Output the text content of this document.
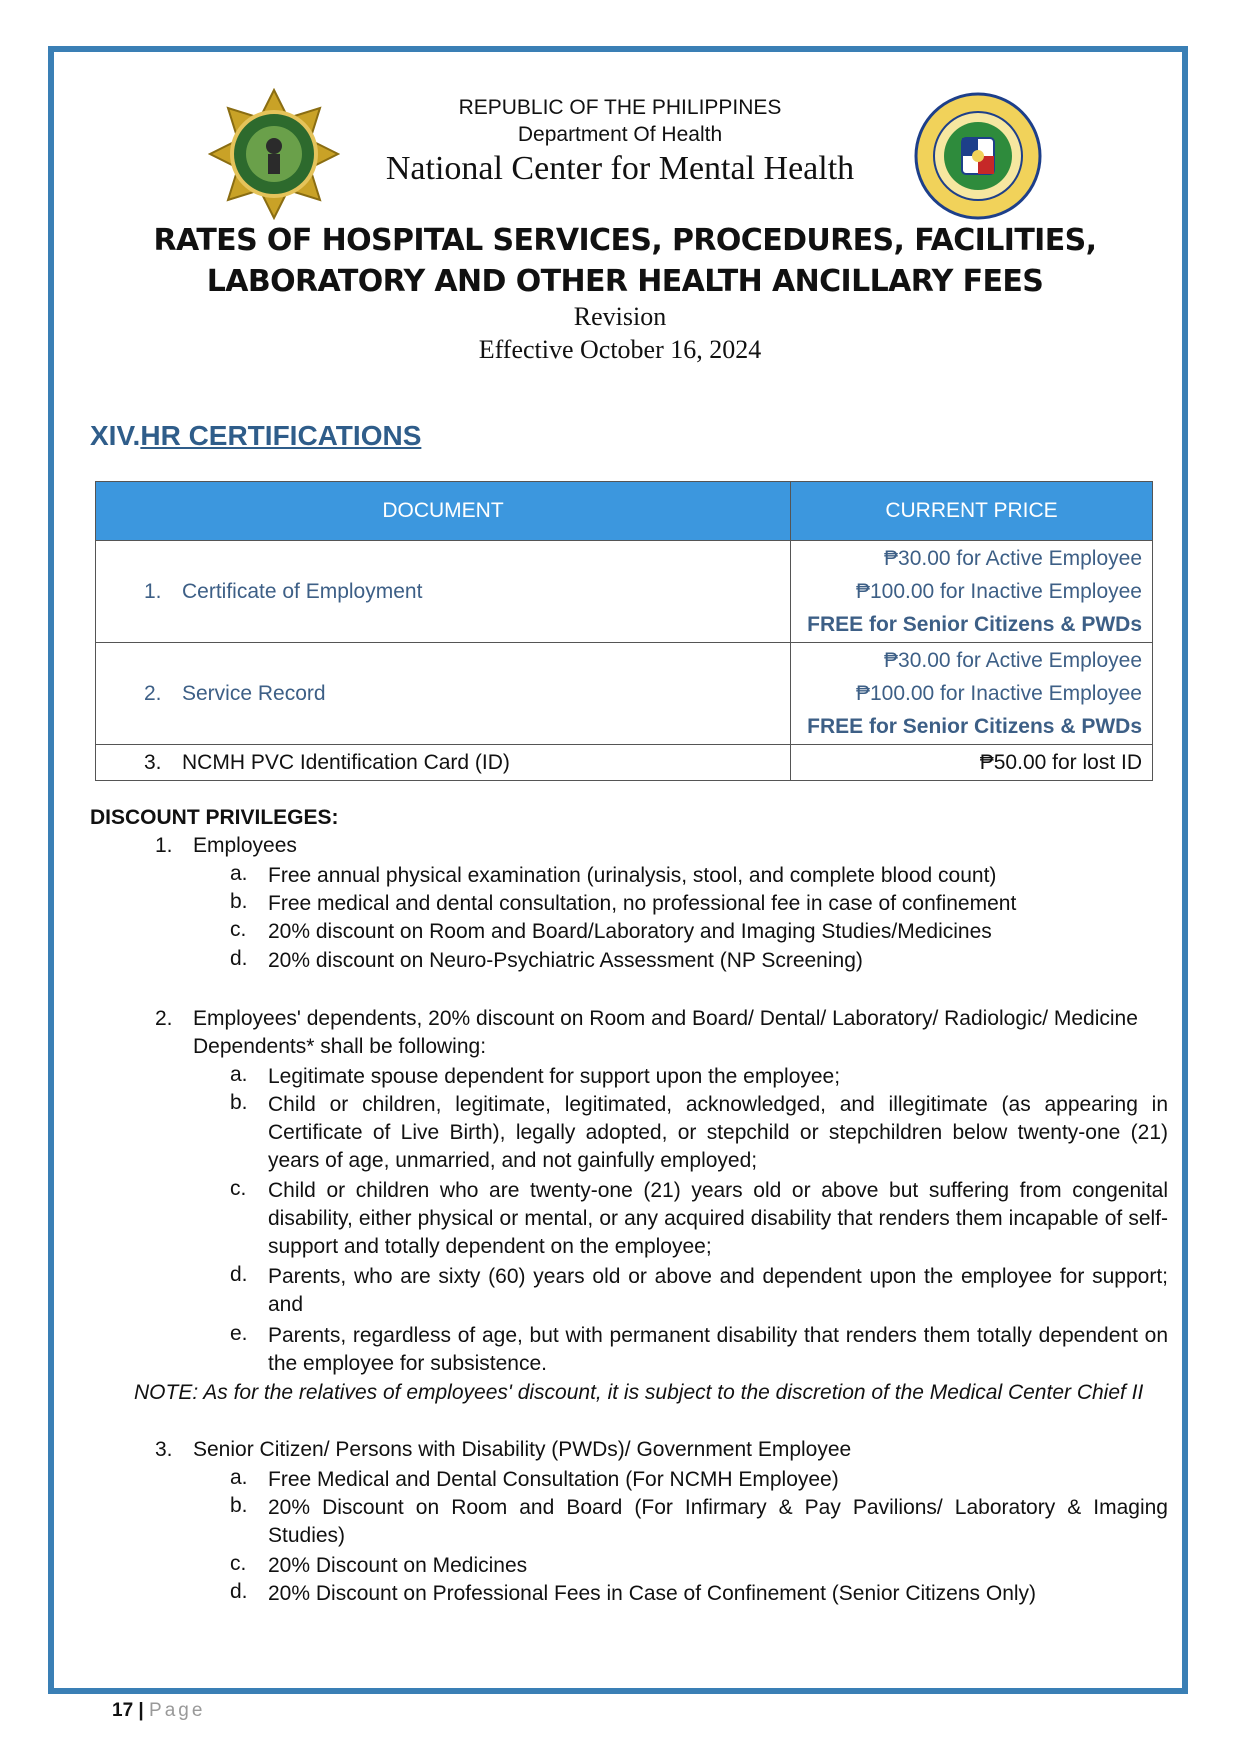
REPUBLIC OF THE PHILIPPINES
Department Of Health
National Center for Mental Health
RATES OF HOSPITAL SERVICES, PROCEDURES, FACILITIES,
LABORATORY AND OTHER HEALTH ANCILLARY FEES
Revision
Effective October 16, 2024
XIV.HR CERTIFICATIONS
DOCUMENT	CURRENT PRICE
1. Certificate of Employment	₱30.00 for Active Employee
₱100.00 for Inactive Employee
FREE for Senior Citizens & PWDs

2. Service Record	₱30.00 for Active Employee
₱100.00 for Inactive Employee
FREE for Senior Citizens & PWDs

3. NCMH PVC Identification Card (ID)	₱50.00 for lost ID
DISCOUNT PRIVILEGES:
1. Employees
a. Free annual physical examination (urinalysis, stool, and complete blood count)
b. Free medical and dental consultation, no professional fee in case of confinement
c.	20% discount on Room and Board/Laboratory and Imaging Studies/Medicines
d. 20% discount on Neuro-Psychiatric Assessment (NP Screening)
2. Employees' dependents, 20% discount on Room and Board/ Dental/ Laboratory/ Radiologic/ Medicine
Dependents* shall be following:
a. Legitimate spouse dependent for support upon the employee;
b. Child or children, legitimate, legitimated, acknowledged, and illegitimate (as appearing in Certificate of Live Birth), legally adopted, or stepchild or stepchildren below twenty-one (21) years of age, unmarried, and not gainfully employed;
c.	Child or children who are twenty-one (21) years old or above but suffering from congenital disability, either physical or mental, or any acquired disability that renders them incapable of self-support and totally dependent on the employee;
d. Parents, who are sixty (60) years old or above and dependent upon the employee for support; and
e. Parents, regardless of age, but with permanent disability that renders them totally dependent on the employee for subsistence.
NOTE: As for the relatives of employees' discount, it is subject to the discretion of the Medical Center Chief II
3. Senior Citizen/ Persons with Disability (PWDs)/ Government Employee
a. Free Medical and Dental Consultation (For NCMH Employee)
b. 20% Discount on Room and Board (For Infirmary & Pay Pavilions/ Laboratory & Imaging Studies)
c.	20% Discount on Medicines
d. 20% Discount on Professional Fees in Case of Confinement (Senior Citizens Only)
17 | Page
